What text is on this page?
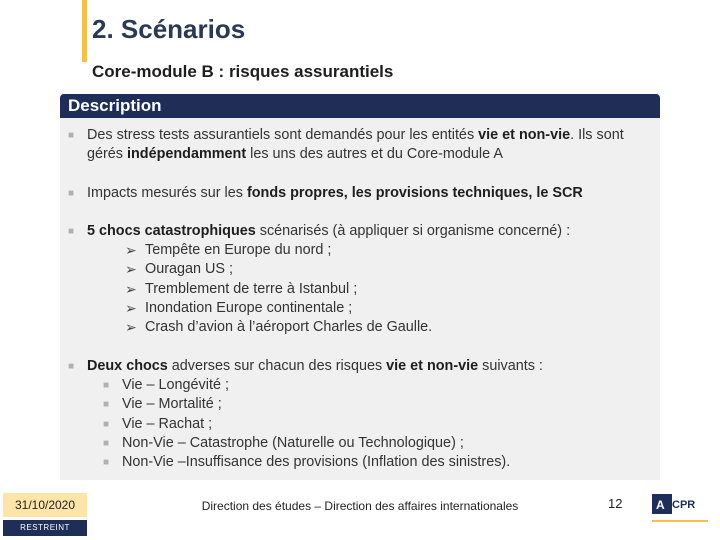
2. Scénarios
Core-module B : risques assurantiels
Description

■ Des stress tests assurantiels sont demandés pour les entités vie et non-vie. Ils sont gérés indépendamment les uns des autres et du Core-module A

■ Impacts mesurés sur les fonds propres, les provisions techniques, le SCR

■ 5 chocs catastrophiques scénarisés (à appliquer si organisme concerné) :
➢ Tempête en Europe du nord ;
➢ Ouragan US ;
➢ Tremblement de terre à Istanbul ;
➢ Inondation Europe continentale ;
➢ Crash d’avion à l’aéroport Charles de Gaulle.
■ Deux chocs adverses sur chacun des risques vie et non-vie suivants :
■ Vie – Longévité ;
■ Vie – Mortalité ;
■ Vie – Rachat ;
■ Non-Vie – Catastrophe (Naturelle ou Technologique) ;
■ Non-Vie –Insuffisance des provisions (Inflation des sinistres).
31/10/2020
RESTREINT
Direction des études – Direction des affaires internationales	12	A CPR
